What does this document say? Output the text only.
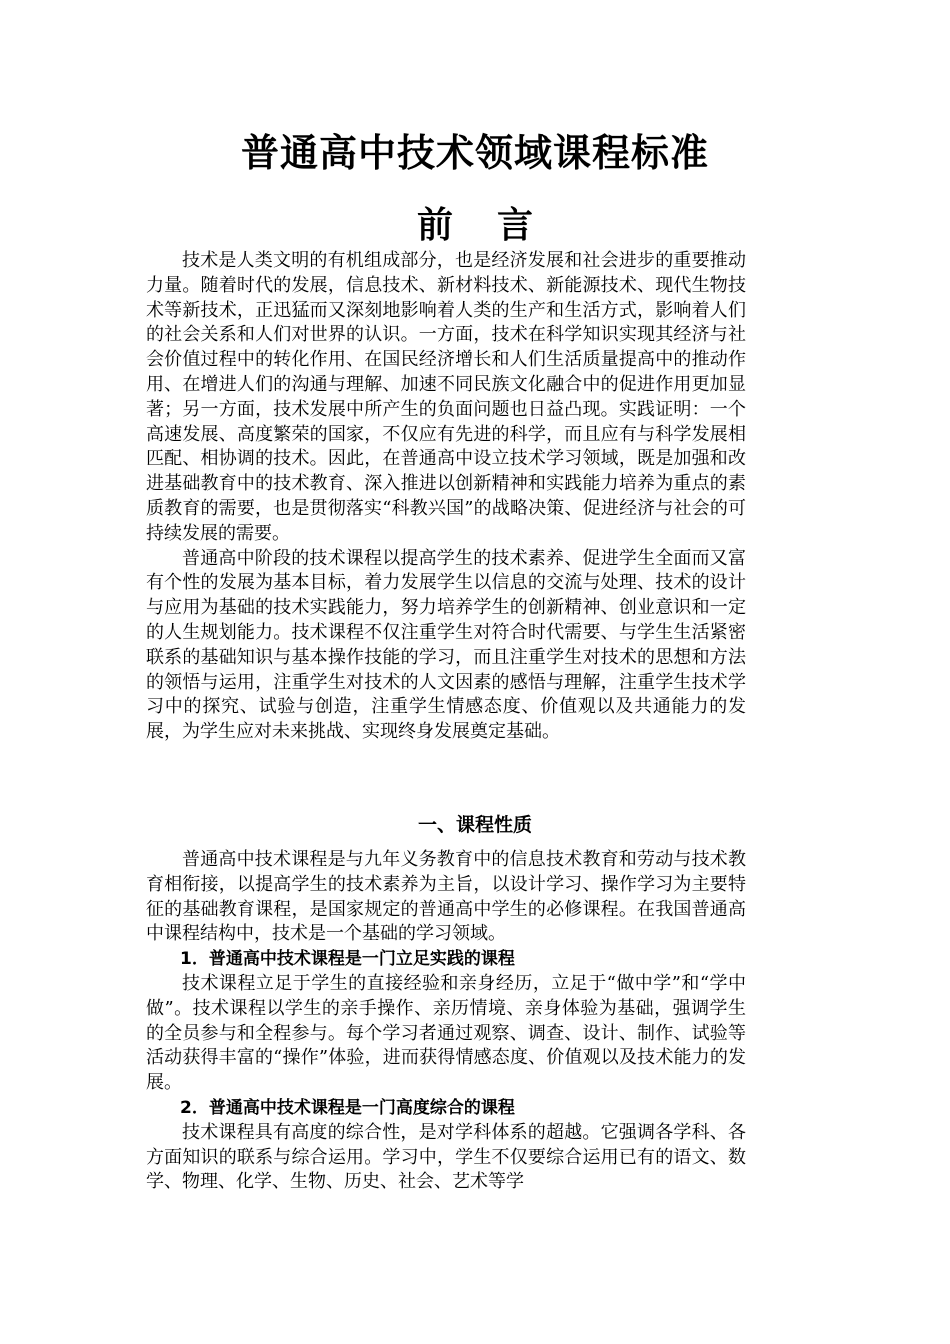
普通高中技术领域课程标准
前 言

技术是人类文明的有机组成部分，也是经济发展和社会进步的重要推动力量。随着时代的发展，信息技术、新材料技术、新能源技术、现代生物技术等新技术，正迅猛而又深刻地影响着人类的生产和生活方式，影响着人们的社会关系和人们对世界的认识。一方面，技术在科学知识实现其经济与社会价值过程中的转化作用、在国民经济增长和人们生活质量提高中的推动作用、在增进人们的沟通与理解、加速不同民族文化融合中的促进作用更加显著；另一方面，技术发展中所产生的负面问题也日益凸现。实践证明：一个高速发展、高度繁荣的国家，不仅应有先进的科学，而且应有与科学发展相匹配、相协调的技术。因此，在普通高中设立技术学习领域，既是加强和改进基础教育中的技术教育、深入推进以创新精神和实践能力培养为重点的素质教育的需要，也是贯彻落实“科教兴国”的战略决策、促进经济与社会的可持续发展的需要。

普通高中阶段的技术课程以提高学生的技术素养、促进学生全面而又富有个性的发展为基本目标，着力发展学生以信息的交流与处理、技术的设计与应用为基础的技术实践能力，努力培养学生的创新精神、创业意识和一定的人生规划能力。技术课程不仅注重学生对符合时代需要、与学生生活紧密联系的基础知识与基本操作技能的学习，而且注重学生对技术的思想和方法的领悟与运用，注重学生对技术的人文因素的感悟与理解，注重学生技术学习中的探究、试验与创造，注重学生情感态度、价值观以及共通能力的发展，为学生应对未来挑战、实现终身发展奠定基础。

一、课程性质

普通高中技术课程是与九年义务教育中的信息技术教育和劳动与技术教育相衔接，以提高学生的技术素养为主旨，以设计学习、操作学习为主要特征的基础教育课程，是国家规定的普通高中学生的必修课程。在我国普通高中课程结构中，技术是一个基础的学习领域。

1．普通高中技术课程是一门立足实践的课程

技术课程立足于学生的直接经验和亲身经历，立足于“做中学”和“学中做”。技术课程以学生的亲手操作、亲历情境、亲身体验为基础，强调学生的全员参与和全程参与。每个学习者通过观察、调查、设计、制作、试验等活动获得丰富的“操作”体验，进而获得情感态度、价值观以及技术能力的发展。

2．普通高中技术课程是一门高度综合的课程

技术课程具有高度的综合性，是对学科体系的超越。它强调各学科、各方面知识的联系与综合运用。学习中，学生不仅要综合运用已有的语文、数学、物理、化学、生物、历史、社会、艺术等学
